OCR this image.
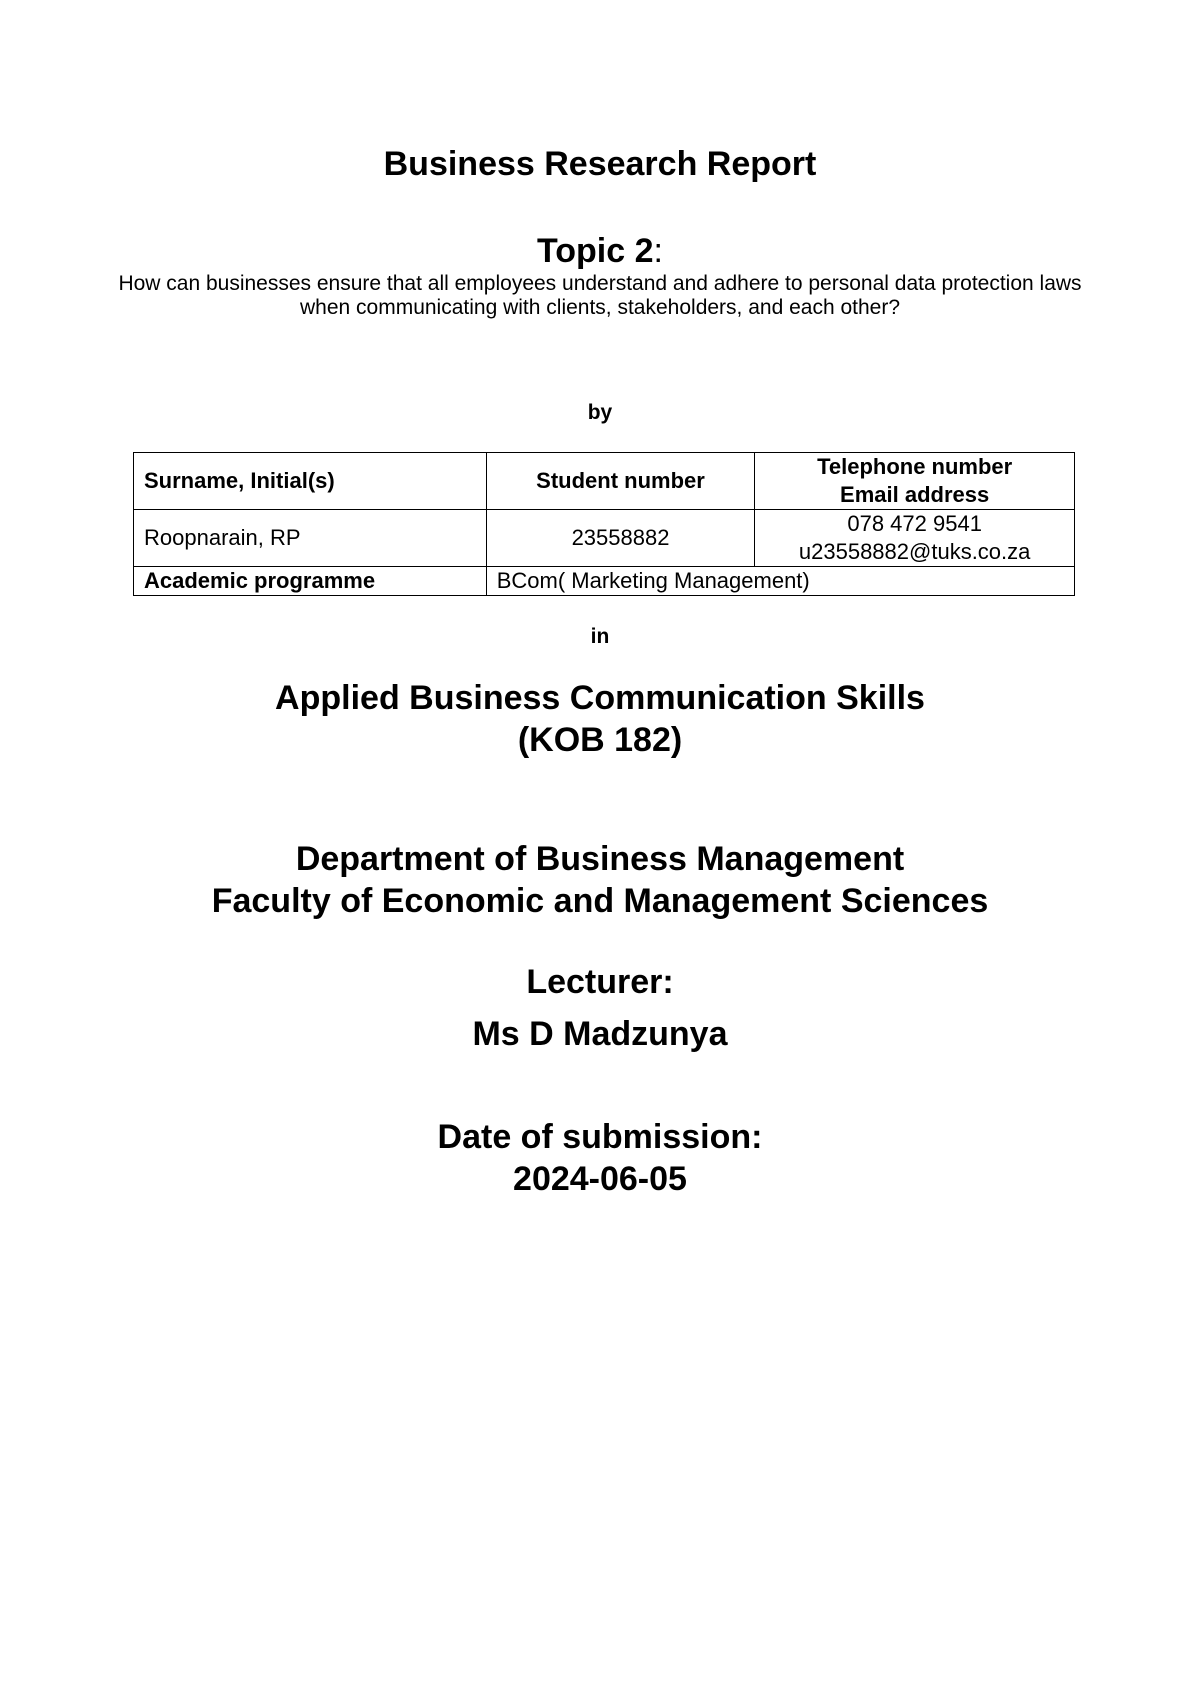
Business Research Report
Topic 2:
How can businesses ensure that all employees understand and adhere to personal data protection laws
when communicating with clients, stakeholders, and each other?
by
Surname, Initial(s)	Student number	Telephone number
Email address

Roopnarain, RP	23558882	078 472 9541
u23558882@tuks.co.za

Academic programme	BCom( Marketing Management)	
in
Applied Business Communication Skills
(KOB 182)
Department of Business Management
Faculty of Economic and Management Sciences
Lecturer:
Ms D Madzunya
Date of submission:
2024-06-05
